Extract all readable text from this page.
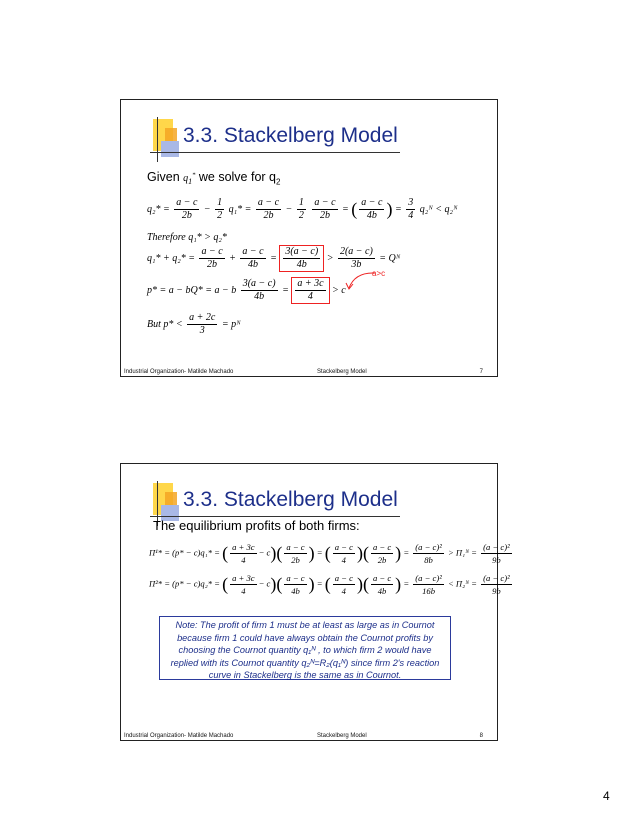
3.3. Stackelberg Model
Given $q_1^*$ we solve for $q_2$
$q_2* = \frac{a - c}{2b} - \frac{1}{2} q_1* = \frac{a - c}{2b} - \frac{1}{2}$
$\frac{a - c}{2b}$ = ( $\frac{a - c}{4b}$ ) = $\frac{3}{4}$ q₂ᴺ < q₂ᴺ
Therefore q₁* > q₂*
$q_1* + q_2* = \frac{a - c}{2b} + \frac{a - c}{4b} = \frac{3(a - c)}{4b} > \frac{2(a - c)}{3b}$ = Qᴺ
a>c
p* = a − bQ* = a − b $\frac{3(a - c)}{4b} = \frac{a + 3c}{4} > c$
But $p* < \frac{a + 2c}{3}$ = pᴺ
Industrial Organization- Matilde Machado	Stackelberg Model	7
3.3. Stackelberg Model
The equilibrium profits of both firms:
Π¹* = (p* − c)q₁* = ( $\frac{a + 3c}{4} - c)( \frac{a - c}{2b}$ ) = ( $\frac{a - c}{4}$ )( $\frac{a - c}{2b}$ ) = $\frac{\text{(a − c)²}}{8b}$ > Π₁ᴺ = $\frac{\text{(a − c)²}}{9b}$
Π²* = (p* − c)q₂* = ( $\frac{a + 3c}{4} - c)( \frac{a - c}{4b}$ ) = ( $\frac{a - c}{4}$ )( $\frac{a - c}{4b}$ ) = $\frac{\text{(a − c)²}}{16b}$ < Π₂ᴺ = $\frac{\text{(a − c)²}}{9b}$
Note: The profit of firm 1 must be at least as large as in Cournot
because firm 1 could have always obtain the Cournot profits by
choosing the Cournot quantity q₁ᴺ , to which firm 2 would have
replied with its Cournot quantity q₂ᴺ=R₂(q₁ᴺ) since firm 2's reaction
curve in Stackelberg is the same as in Cournot.
Industrial Organization- Matilde Machado	Stackelberg Model	8
4
